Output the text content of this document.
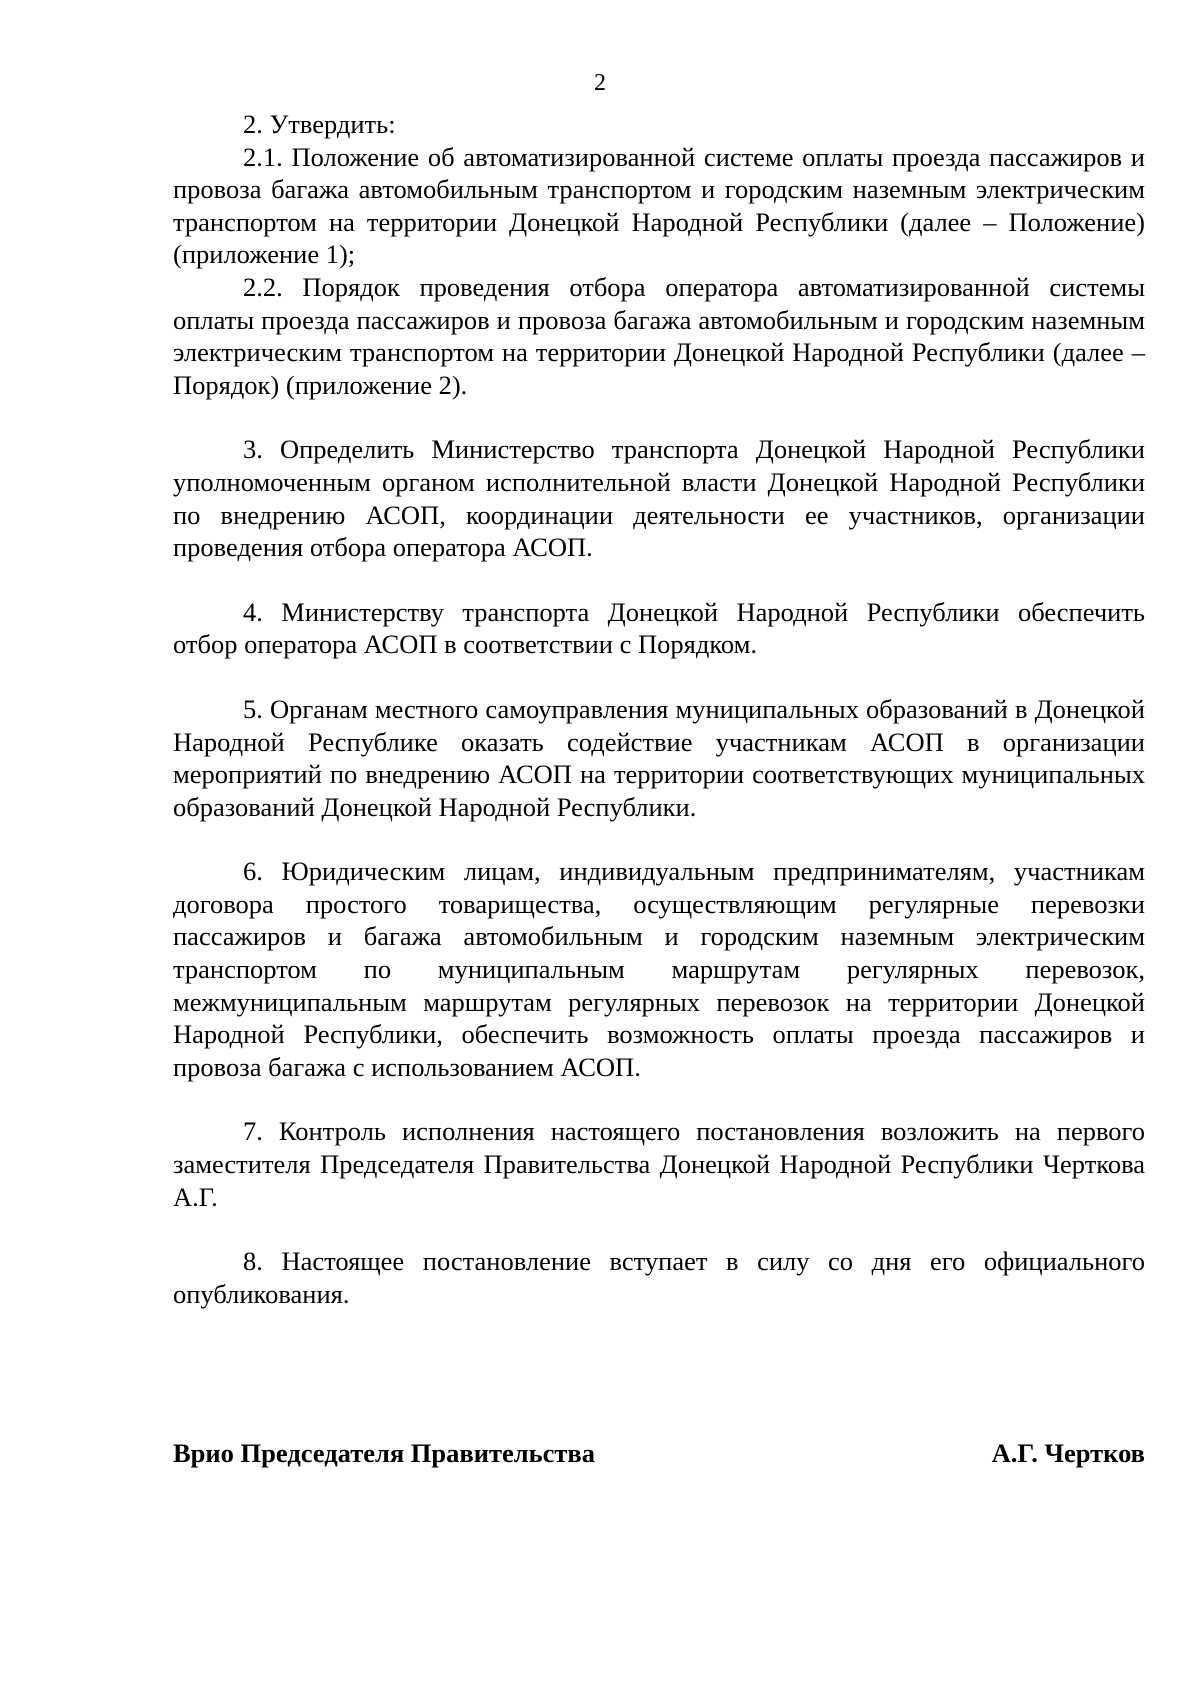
2

2. Утвердить:

2.1. Положение об автоматизированной системе оплаты проезда пассажиров и провоза багажа автомобильным транспортом и городским наземным электрическим транспортом на территории Донецкой Народной Республики (далее – Положение) (приложение 1);

2.2. Порядок проведения отбора оператора автоматизированной системы оплаты проезда пассажиров и провоза багажа автомобильным и городским наземным электрическим транспортом на территории Донецкой Народной Республики (далее – Порядок) (приложение 2).

3. Определить Министерство транспорта Донецкой Народной Республики уполномоченным органом исполнительной власти Донецкой Народной Республики по внедрению АСОП, координации деятельности ее участников, организации проведения отбора оператора АСОП.

4. Министерству транспорта Донецкой Народной Республики обеспечить отбор оператора АСОП в соответствии с Порядком.

5. Органам местного самоуправления муниципальных образований в Донецкой Народной Республике оказать содействие участникам АСОП в организации мероприятий по внедрению АСОП на территории соответствующих муниципальных образований Донецкой Народной Республики.

6. Юридическим лицам, индивидуальным предпринимателям, участникам договора простого товарищества, осуществляющим регулярные перевозки пассажиров и багажа автомобильным и городским наземным электрическим транспортом по муниципальным маршрутам регулярных перевозок, межмуниципальным маршрутам регулярных перевозок на территории Донецкой Народной Республики, обеспечить возможность оплаты проезда пассажиров и провоза багажа с использованием АСОП.

7. Контроль исполнения настоящего постановления возложить на первого заместителя Председателя Правительства Донецкой Народной Республики Черткова А.Г.

8. Настоящее постановление вступает в силу со дня его официального опубликования.

Врио Председателя Правительства	А.Г. Чертков
